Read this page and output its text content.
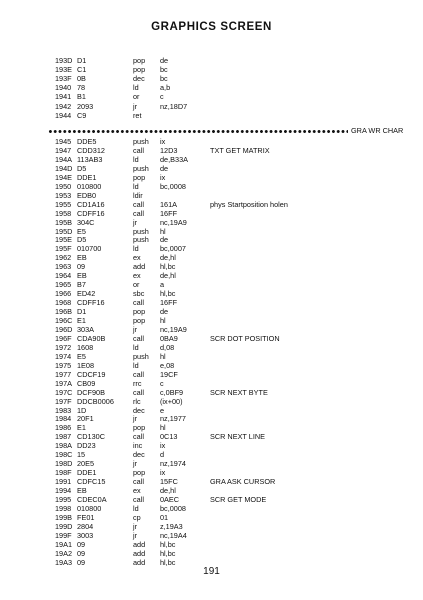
GRAPHICS SCREEN
193D D1	pop de
193E C1	pop bc
193F 0B	dec bc
1940 78	ld	a,b
1941 B1	or	c
1942 2093	jr	nz,18D7
1944 C9	ret
1945 DDE5	push ix
1947 CDD312	call 12D3	TXT GET MATRIX
194A 113AB3	ld	de,B33A
194D D5	push de
194E DDE1	pop ix
1950 010800	ld	bc,0008
1953 EDB0	ldir
1955 CD1A16	call 161A	phys Startposition holen
1958 CDFF16	call 16FF
195B 304C	jr	nc,19A9
195D E5	push hl
195E D5	push de
195F 010700	ld	bc,0007
1962 EB	ex	de,hl
1963 09	add hl,bc
1964 EB	ex	de,hl
1965 B7	or	a
1966 ED42	sbc hl,bc
1968 CDFF16	call 16FF
196B D1	pop de
196C E1	pop hl
196D 303A	jr	nc,19A9
196F CDA90B	call 0BA9	SCR DOT POSITION
1972 1608	ld	d,08
1974 E5	push hl
1975 1E08	ld	e,08
1977 CDCF19	call 19CF
197A CB09	rrc	c
197C DCF90B	call c,0BF9	SCR NEXT BYTE
197F DDCB0006	rlc	(ix+00)
1983 1D	dec e
1984 20F1	jr	nz,1977
1986 E1	pop hl
1987 CD130C	call 0C13	SCR NEXT LINE
198A DD23	inc ix
198C 15	dec d
198D 20E5	jr	nz,1974
198F DDE1	pop ix
1991 CDFC15	call 15FC	GRA ASK CURSOR
1994 EB	ex	de,hl
1995 CDEC0A	call 0AEC	SCR GET MODE
1998 010800	ld	bc,0008
199B FE01	cp	01
199D 2804	jr	z,19A3
199F 3003	jr	nc,19A4
19A1 09	add hl,bc
19A2 09	add hl,bc
19A3 09	add hl,bc
GRA WR CHAR
191
